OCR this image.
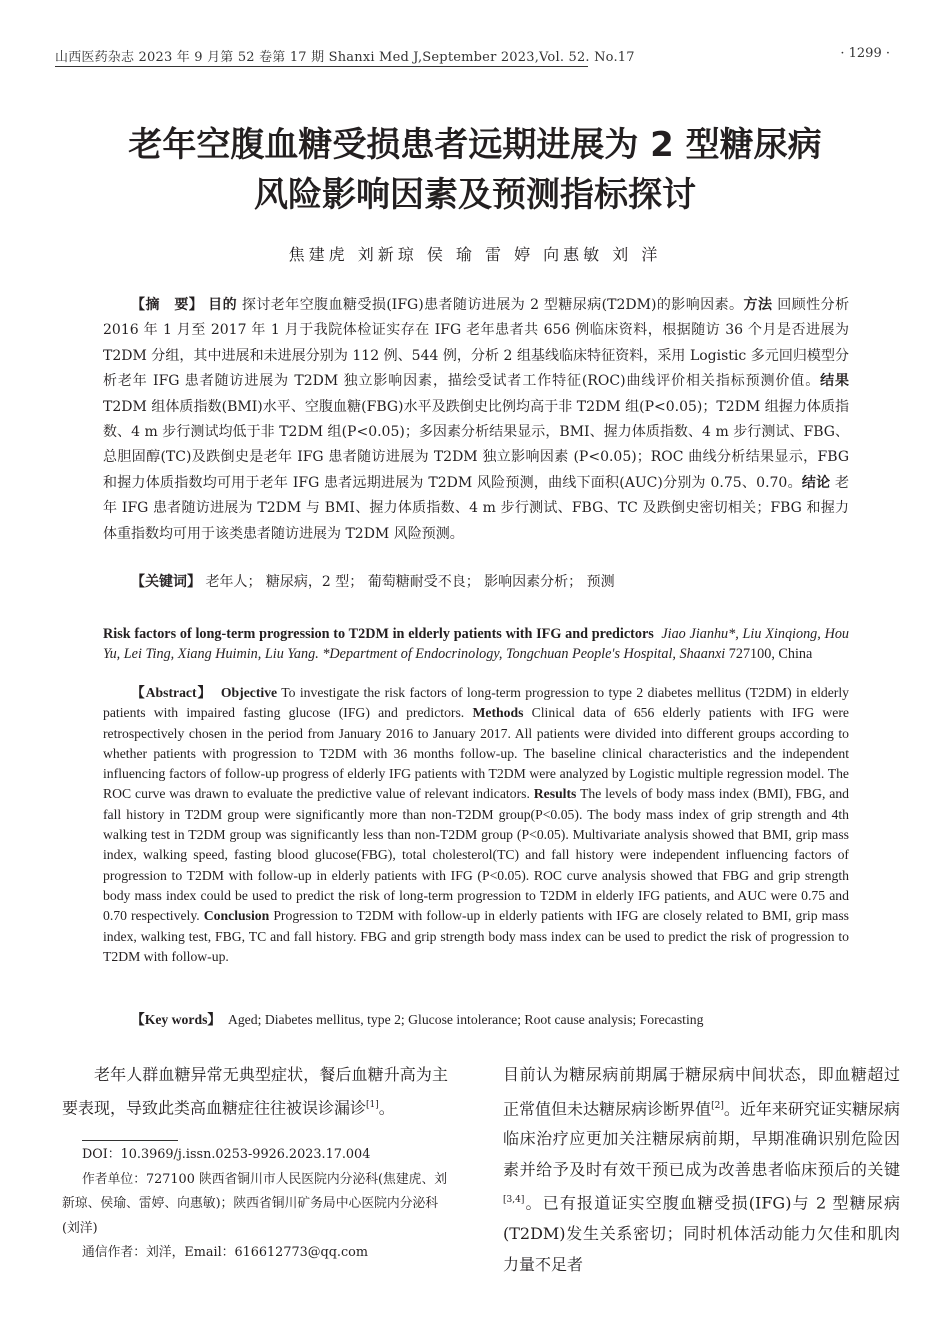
山西医药杂志 2023 年 9 月第 52 卷第 17 期 Shanxi Med J,September 2023,Vol. 52. No.17	· 1299 ·
老年空腹血糖受损患者远期进展为 2 型糖尿病
风险影响因素及预测指标探讨
焦建虎 刘新琼 侯 瑜 雷 婷 向惠敏 刘 洋
【摘　要】 目的 探讨老年空腹血糖受损(IFG)患者随访进展为 2 型糖尿病(T2DM)的影响因素。方法 回顾性分析 2016 年 1 月至 2017 年 1 月于我院体检证实存在 IFG 老年患者共 656 例临床资料，根据随访 36 个月是否进展为 T2DM 分组，其中进展和未进展分别为 112 例、544 例，分析 2 组基线临床特征资料，采用 Logistic 多元回归模型分析老年 IFG 患者随访进展为 T2DM 独立影响因素，描绘受试者工作特征(ROC)曲线评价相关指标预测价值。结果 T2DM 组体质指数(BMI)水平、空腹血糖(FBG)水平及跌倒史比例均高于非 T2DM 组(P<0.05)；T2DM 组握力体质指数、4 m 步行测试均低于非 T2DM 组(P<0.05)；多因素分析结果显示，BMI、握力体质指数、4 m 步行测试、FBG、总胆固醇(TC)及跌倒史是老年 IFG 患者随访进展为 T2DM 独立影响因素 (P<0.05)；ROC 曲线分析结果显示，FBG 和握力体质指数均可用于老年 IFG 患者远期进展为 T2DM 风险预测，曲线下面积(AUC)分别为 0.75、0.70。结论 老年 IFG 患者随访进展为 T2DM 与 BMI、握力体质指数、4 m 步行测试、FBG、TC 及跌倒史密切相关；FBG 和握力体重指数均可用于该类患者随访进展为 T2DM 风险预测。
【关键词】 老年人； 糖尿病，2 型； 葡萄糖耐受不良； 影响因素分析； 预测
Risk factors of long-term progression to T2DM in elderly patients with IFG and predictors Jiao Jianhu*, Liu Xinqiong, Hou Yu, Lei Ting, Xiang Huimin, Liu Yang. *Department of Endocrinology, Tongchuan People's Hospital, Shaanxi 727100, China
【Abstract】 Objective To investigate the risk factors of long-term progression to type 2 diabetes mellitus (T2DM) in elderly patients with impaired fasting glucose (IFG) and predictors. Methods Clinical data of 656 elderly patients with IFG were retrospectively chosen in the period from January 2016 to January 2017. All patients were divided into different groups according to whether patients with progression to T2DM with 36 months follow-up. The baseline clinical characteristics and the independent influencing factors of follow-up progress of elderly IFG patients with T2DM were analyzed by Logistic multiple regression model. The ROC curve was drawn to evaluate the predictive value of relevant indicators. Results The levels of body mass index (BMI), FBG, and fall history in T2DM group were significantly more than non-T2DM group(P<0.05). The body mass index of grip strength and 4th walking test in T2DM group was significantly less than non-T2DM group (P<0.05). Multivariate analysis showed that BMI, grip mass index, walking speed, fasting blood glucose(FBG), total cholesterol(TC) and fall history were independent influencing factors of progression to T2DM with follow-up in elderly patients with IFG (P<0.05). ROC curve analysis showed that FBG and grip strength body mass index could be used to predict the risk of long-term progression to T2DM in elderly IFG patients, and AUC were 0.75 and 0.70 respectively. Conclusion Progression to T2DM with follow-up in elderly patients with IFG are closely related to BMI, grip mass index, walking test, FBG, TC and fall history. FBG and grip strength body mass index can be used to predict the risk of progression to T2DM with follow-up.
【Key words】 Aged; Diabetes mellitus, type 2; Glucose intolerance; Root cause analysis; Forecasting
老年人群血糖异常无典型症状，餐后血糖升高为主要表现，导致此类高血糖症往往被误诊漏诊[1]。
DOI：10.3969/j.issn.0253-9926.2023.17.004
作者单位：727100 陕西省铜川市人民医院内分泌科(焦建虎、刘新琼、侯瑜、雷婷、向惠敏)；陕西省铜川矿务局中心医院内分泌科(刘洋)
通信作者：刘洋，Email：616612773@qq.com
目前认为糖尿病前期属于糖尿病中间状态，即血糖超过正常值但未达糖尿病诊断界值[2]。近年来研究证实糖尿病临床治疗应更加关注糖尿病前期，早期准确识别危险因素并给予及时有效干预已成为改善患者临床预后的关键[3,4]。已有报道证实空腹血糖受损(IFG)与 2 型糖尿病(T2DM)发生关系密切；同时机体活动能力欠佳和肌肉力量不足者
